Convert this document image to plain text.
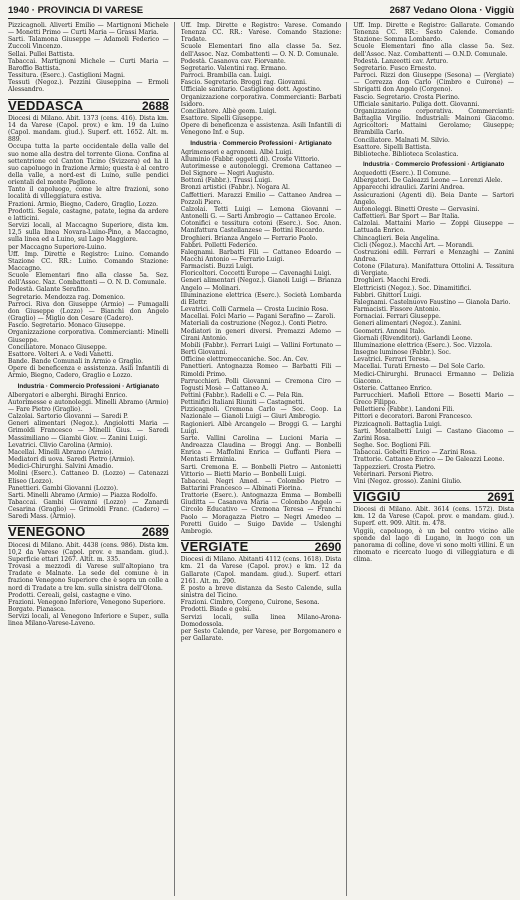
1940 · PROVINCIA DI VARESE	2687 Vedano Olona · Viggiù

Pizzicagnoli. Aliverti Emilio — Martignoni Michele — Monetti Primo — Curti Maria — Grassi Maria.

Sarti. Talamona Giuseppe — Adamoli Federico — Zuccoli Vincenzo.

Sellai. Pullei Battista.

Tabaccai. Martignoni Michele — Curti Maria — Baroffio Battista.

Tessitura. (Eserc.). Castiglioni Magni.

Tessuti (Negoz.). Pezzini Giuseppina — Ermoli Alessandro.

VEDDASCA	2688

Diocesi di Milano. Abit. 1373 (cens. 416). Dista km. 14 da Varese (Capol. prov.) e km. 19 da Luino (Capol. mandam. giud.). Superf. ett. 1652. Alt. m. 889.

Occupa tutta la parte occidentale della valle del suo nome alla destra del torrente Giona. Confina al settentrione col Canton Ticino (Svizzera) ed ha il suo capoluogo in frazione Armio; questa è al centro della valle, a nord-est di Luino, sulle pendici orientali del monte Paglione.

Tanto il capoluogo, come le altre frazioni, sono località di villeggiatura estiva.

Frazioni. Armio, Biegno, Cadero, Graglio, Lozzo.

Prodotti. Segale, castagne, patate, legna da ardere e latticini.

Servizi locali, al Maccagno Superiore, dista km. 12,5 sulla linea Novara-Luino-Pino, a Maccagno, sulla linea ed a Luino, sul Lago Maggiore.

per Maccagno Superiore-Luino.

Uff. Imp. Dirette e Registro: Luino. Comando Stazione CC. RR.: Luino. Comando Stazione: Maccagno.

Scuole Elementari fino alla classe 5a. Sez. dell'Assoc. Naz. Combattenti — O. N. D. Comunale.

Podestà. Galante Serafino.

Segretario. Mendozza rag. Domenico.

Parroci. Riva don Giuseppe (Armio) — Fumagalli don Giuseppe (Lozzo) — Bianchi don Angelo (Graglio) — Miglio don Cesare (Cadero).

Fascio. Segretario. Monaco Giuseppe.

Organizzazione corporativa. Commercianti: Minelli Giuseppe.

Conciliatore. Monaco Giuseppe.

Esattore. Volteri A. e Vedi Vanetti.

Bande. Bande Comunali in Armio e Graglio.

Opere di beneficenza e assistenza. Asili Infantili di Armio, Biegno, Cadero, Graglio e Lozzo.

Industria · Commercio Professioni · Artigianato

Albergatori e alberghi. Biraghi Enrico.

Autorimesse e autonoleggi. Minelli Abramo (Armio) — Fare Pietro (Graglio).

Calzolai. Sartorio Giovanni — Saredi P.

Generi alimentari (Negoz.). Angiolotti Maria — Grimoldi Francesco — Minelli Gius. — Saredi Massimiliano — Giambi Giov. — Zanini Luigi.

Levatrici. Clivio Carolina (Armio).

Macellai. Minelli Abramo (Armio).

Mediatori di uova. Saredi Pietro (Armio).

Medici-Chirurghi. Salvini Amadio.

Molini (Eserc.). Cattaneo D. (Lozzo) — Catenazzi Eliseo (Lozzo).

Panettieri. Gambi Giovanni (Lozzo).

Sarti. Minelli Abramo (Armio) — Piazza Rodolfo.

Tabaccai. Gambi Giovanni (Lozzo) — Zanardi Cesarina (Graglio) — Grimoldi Franc. (Cadero) — Saredi Mass. (Armio).

VENEGONO	2689

Diocesi di Milano. Abit. 4438 (cens. 986). Dista km. 10,2 da Varese (Capol. prov. e mandam. giud.). Superficie ettari 1267. Altit. m. 335.

Trovasi a mezzodì di Varese sull'altopiano tra Tradate e Malnate. La sede del comune è in frazione Venegono Superiore che è sopra un colle a nord di Tradate a tre km. sulla sinistra dell'Olona.

Prodotti. Cereali, gelsi, castagne e vino.

Frazioni. Venegono Inferiore, Venegono Superiore.

Borgate. Pianasca.

Servizi locali, al Venegono Inferiore e Super., sulla linea Milano-Varese-Laveno.

Uff. Imp. Dirette e Registro: Varese. Comando Tenenza CC. RR.: Varese. Comando Stazione: Tradate.

Scuole Elementari fino alla classe 5a. Sez. dell'Assoc. Naz. Combattenti — O. N. D. Comunale.

Podestà. Casanova cav. Fiorvante.

Segretario. Valentini rag. Ermano.

Parroci. Brambilla can. Luigi.

Fascio. Segretario. Broggi rag. Giovanni.

Ufficiale sanitario. Castiglione dott. Agostino.

Organizzazione corporativa. Commercianti: Barbati Isidoro.

Conciliatore. Albè geom. Luigi.

Esattore. Sipelli Giuseppe.

Opere di beneficenza e assistenza. Asili Infantili di Venegono Inf. e Sup.

Industria · Commercio Professioni · Artigianato

Agrimensori e agronomi. Albè Luigi.

Alluminio (Fabbr. oggetti di). Croste Vittorio.

Autorimesse e autonoleggi. Cremona Cattaneo — Del Signore — Negri Augusto.

Bottoni (Fabbr.). Trussi Luigi.

Bronzi artistici (Fabbr.). Nogara Al.

Caffettieri. Marazzi Emilio — Cattaneo Andrea — Pozzoli Piero.

Calzolai. Tetti Luigi — Lemona Giovanni — Antonelli G. — Sarti Ambrogio — Cattaneo Ercole.

Cotonifici e tessitura cotoni (Eserc.). Soc. Anon. Manifattura Castellanzese — Bottini Riccardo.

Droghieri. Brianza Angelo — Ferrario Paolo.

Fabbri. Polletti Federico.

Falegnami. Barbatti Fili — Cattaneo Edoardo — Macchi Antonio — Ferrario Luigi.

Farmacisti. Buzzi Luigi.

Floricoltori. Coccetti Europe — Cavenaghi Luigi.

Generi alimentari (Negoz.). Gianoli Luigi — Brianza Angelo — Molinari.

Illuminazione elettrica (Eserc.). Società Lombarda di Elettr.

Levatrici. Colli Carmela — Crosta Lucinio Rosa.

Macellai. Folci Mario — Pagani Serafino — Zaroli.

Materiali da costruzione (Negoz.). Conti Pietro.

Mediatori in generi diversi. Premazzi Ademo — Cirani Antonio.

Mobili (Fabbr.). Ferrari Luigi — Vallini Fortunato — Bertì Giovanni.

Officine elettromeccaniche. Soc. An. Cev.

Panettieri. Antognazza Romeo — Barbatti Fili — Rimoldi Primo.

Parrucchieri. Polli Giovanni — Cremona Ciro — Togusti Mosè — Cattaneo A.

Pettinì (Fabbr.). Radelli e C. — Pela Rin.

Pettinifici Italiani Riuniti — Castagnetti.

Pizzicagnoli. Cremona Carlo — Soc. Coop. La Nazionale — Gianoli Luigi — Giuri Ambrogio.

Ragionieri. Albè Arcangelo — Broggi G. — Larghi Luigi.

Sarte. Vallini Carolina — Lucioni Maria — Andreazza Claudina — Broggi Ang. — Bonbelli Enrica — Maffolini Enrica — Guffanti Piera — Mentasti Erminia.

Sarti. Cremona E. — Bonbelli Pietro — Antonietti Vittorio — Bietti Mario — Bonbelli Luigi.

Tabaccai. Negri Amed. — Colombo Pietro — Battarini Francesco — Albinati Fiorina.

Trattorie (Eserc.). Antognazza Emma — Bombelli Giuditta — Casanova Maria — Colombo Angelo — Circolo Educativo — Cremona Teresa — Franchi Paolo — Moragazza Pietro — Negri Amedeo — Poretti Guido — Suigo Davide — Uslenghi Ambrogio.

VERGIATE	2690

Diocesi di Milano. Abitanti 4112 (cens. 1618). Dista km. 21 da Varese (Capol. prov.) e km. 12 da Gallarate (Capol. mandam. giud.). Superf. ettari 2161. Alt. m. 290.

È posto a breve distanza da Sesto Calende, sulla sinistra del Ticino.

Frazioni. Cimbro, Corgeno, Cuirone, Sesona.

Prodotti. Biade e gelsi.

Servizi locali, sulla linea Milano-Arona-Domodossola.

per Sesto Calende, per Varese, per Borgomanero e per Gallarate.

Uff. Imp. Dirette e Registro: Gallarate. Comando Tenenza CC. RR.: Sesto Calende. Comando Stazione: Somma Lombardo.

Scuole Elementari fino alla classe 5a. Sez. dell'Assoc. Naz. Combattenti — O.N.D. Comunale.

Podestà. Lanzeotti cav. Arturo.

Segretario. Fusco Ernesto.

Parroci. Rizzi don Giuseppe (Sesona) — (Vergiate) — Correzza don Carlo (Cimbro e Cuirone) — Sbrigatti don Angelo (Corgeno).

Fascio. Segretario. Crosta Pierino.

Ufficiale sanitario. Puliga dott. Giovanni.

Organizzazione corporativa. Commercianti: Battaglia Virgilio. Industriali: Mainoni Giacomo. Agricoltori: Mattaini Gerolamo; Giuseppe; Brambilla Carlo.

Conciliatore. Malnati M. Silvio.

Esattore. Sipelli Battista.

Biblioteche. Biblioteca Scolastica.

Industria · Commercio Professioni · Artigianato

Acquedotti (Eserc.). Il Comune.

Albergatori. De Galeazzi Leone — Lorenzi Alele.

Apparecchi idraulici. Zarini Andrea.

Assicurazioni (Agenti di). Beia Dante — Sartori Angelo.

Autonoleggi. Binetti Oreste — Gervasini.

Caffettieri. Bar Sport — Bar Italia.

Calzolai. Mattaini Mario — Zoppi Giuseppe — Lattuada Enrico.

Chincaglieri. Beia Angelina.

Cicli (Negoz.). Macchi Art. — Morandi.

Costruzioni edili. Ferrari e Menzaghi — Zanini Andrea.

Cotone (Filatura). Manifattura Ottolini A. Tessitura di Vergiate.

Droghieri. Macchi Eredi.

Elettricisti (Negoz.). Soc. Dinamitifici.

Fabbri. Ghittori Luigi.

Falegnami. Castelnuovo Faustino — Gianola Dario.

Farmacisti. Fissore Antonio.

Fornaciai. Ferrari Giuseppe.

Generi alimentari (Negoz.). Zanini.

Geometri. Annoni Italo.

Giornali (Rivenditori). Garlandi Leone.

Illuminazione elettrica (Eserc.). Soc. Vizzola.

Insegne luminose (Fabbr.). Soc.

Levatrici. Ferrari Teresa.

Macellai. Turati Ernesto — Del Sole Carlo.

Medici-Chirurghi. Brunacci Ermanno — Delizia Giacomo.

Osterie. Cattaneo Enrico.

Parrucchieri. Mafiolì Ettore — Bosetti Mario — Greco Filippo.

Pellettiere (Fabbr.). Landoni Fili.

Pittori e decoratori. Baroni Francesco.

Pizzicagnoli. Battaglia Luigi.

Sarti. Montalbetti Luigi — Castano Giacomo — Zarini Rosa.

Seghe. Soc. Boglioni Fili.

Tabaccai. Gobetti Enrico — Zarini Rosa.

Trattorie. Cattaneo Enrico — De Galeazzi Leone.

Tappezzieri. Crosta Pietro.

Veterinari. Personi Pietro.

Vini (Negoz. grosso). Zanini Giulio.

VIGGIÙ	2691

Diocesi di Milano. Abit. 3614 (cens. 1572). Dista km. 12 da Varese (Capol. prov. e mandam. giud.). Superf. ett. 909. Altit. m. 478.

Viggiù, capoluogo, è un bel centro vicino alle sponde del lago di Lugano, in luogo con un panorama di colline, dove vi sono molti villini. È un rinomato e ricercato luogo di villeggiatura e di clima.
